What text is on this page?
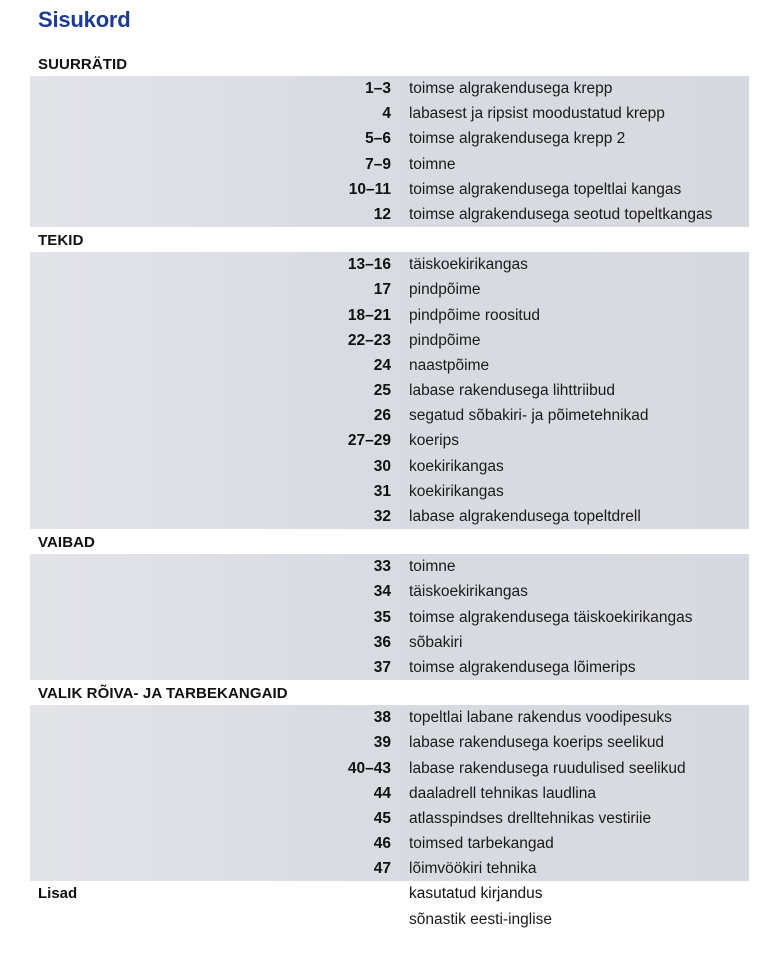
Sisukord
SUURRÄTID
1–3 toimse algrakendusega krepp
4 labasest ja ripsist moodustatud krepp
5–6 toimse algrakendusega krepp 2
7–9 toimne
10–11 toimse algrakendusega topeltlai kangas
12 toimse algrakendusega seotud topeltkangas
TEKID
13–16 täiskoekirikangas
17 pindpõime
18–21 pindpõime roositud
22–23 pindpõime
24 naastpõime
25 labase rakendusega lihttriibud
26 segatud sõbakiri- ja põimetehnikad
27–29 koerips
30 koekirikangas
31 koekirikangas
32 labase algrakendusega topeltdrell
VAIBAD
33 toimne
34 täiskoekirikangas
35 toimse algrakendusega täiskoekirikangas
36 sõbakiri
37 toimse algrakendusega lõimerips
VALIK RÕIVA- JA TARBEKANGAID
38 topeltlai labane rakendus voodipesuks
39 labase rakendusega koerips seelikud
40–43 labase rakendusega ruudulised seelikud
44 daaladrell tehnikas laudlina
45 atlasspindses drelltehnikas vestiriie
46 toimsed tarbekangad
47 lõimvöökiri tehnika
Lisad	kasutatud kirjandus
sõnastik eesti-inglise
